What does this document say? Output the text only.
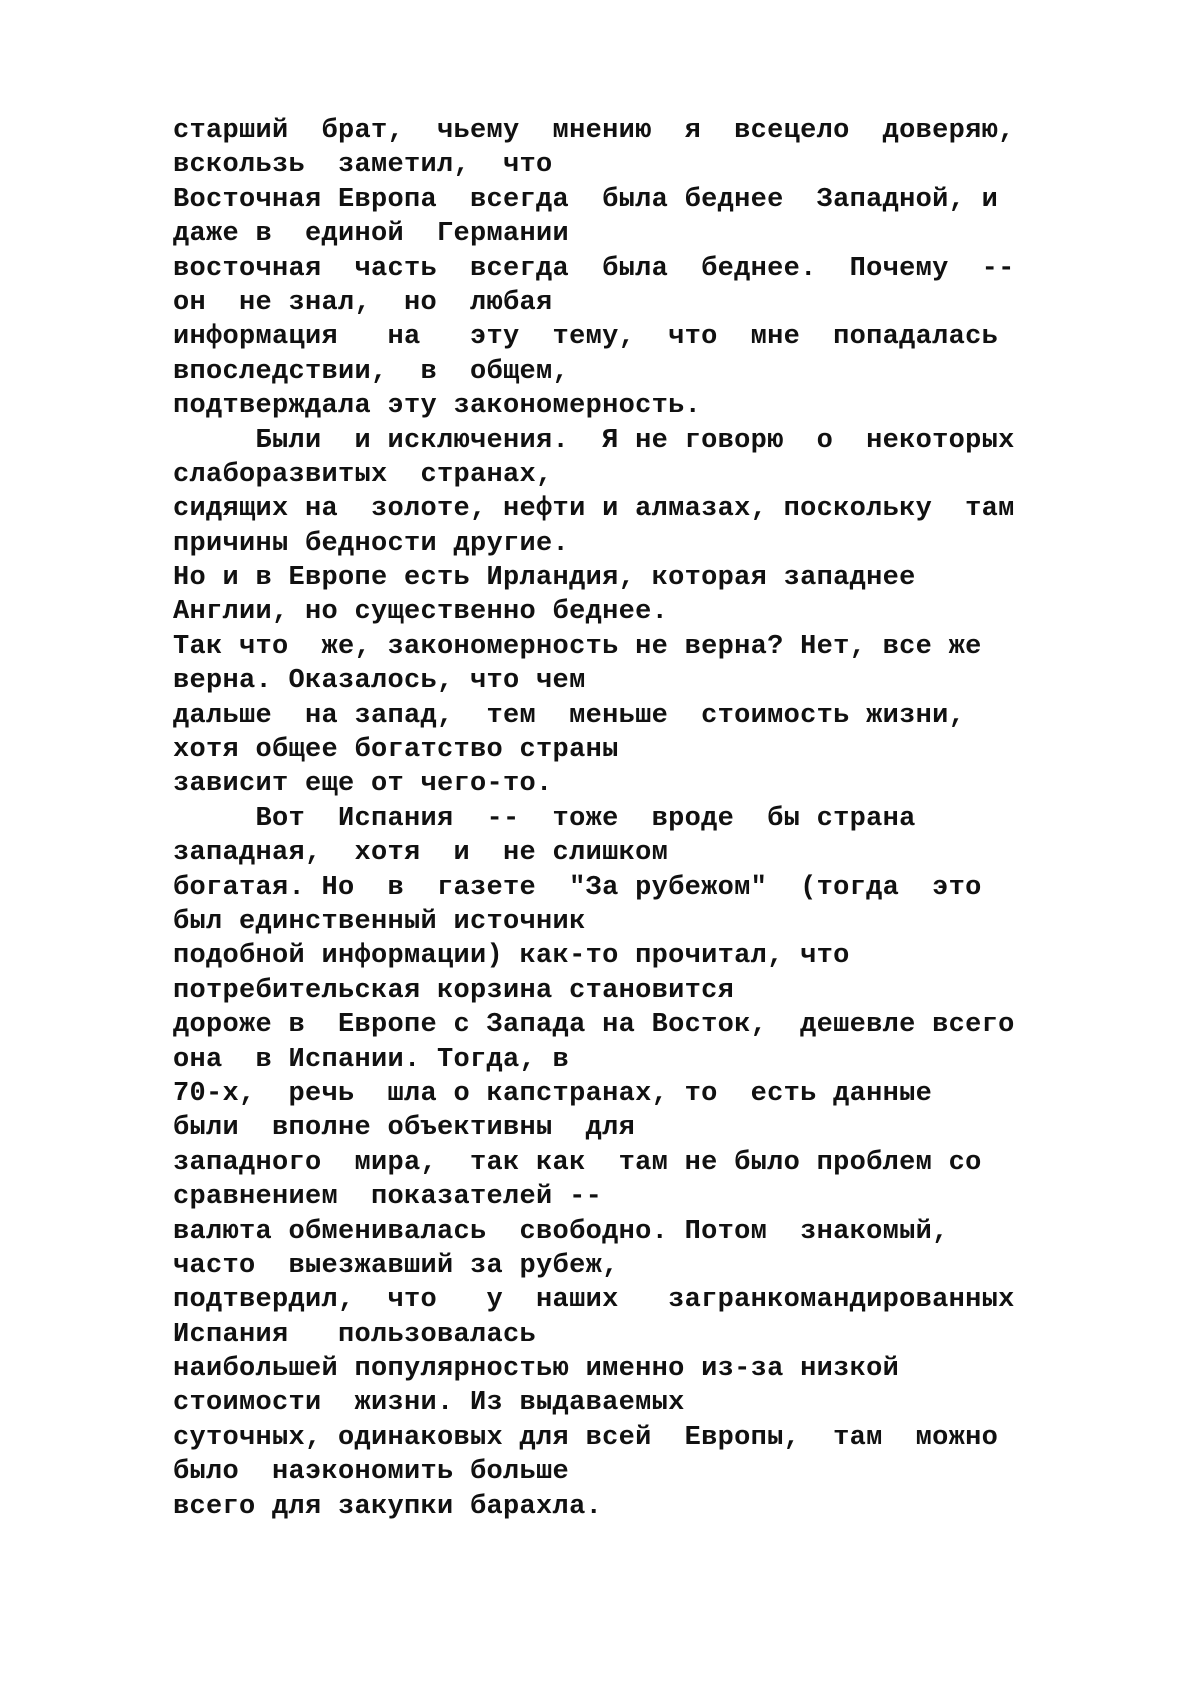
старший  брат,  чьему  мнению  я  всецело  доверяю,
вскользь  заметил,  что
Восточная Европа  всегда  была беднее  Западной, и
даже в  единой  Германии
восточная  часть  всегда  была  беднее.  Почему  --
он  не знал,  но  любая
информация   на   эту  тему,  что  мне  попадалась
впоследствии,  в  общем,
подтверждала эту закономерность.
Были  и исключения.  Я не говорю  о  некоторых
слаборазвитых  странах,
сидящих на  золоте, нефти и алмазах, поскольку  там
причины бедности другие.
Но и в Европе есть Ирландия, которая западнее
Англии, но существенно беднее.
Так что  же, закономерность не верна? Нет, все же
верна. Оказалось, что чем
дальше  на запад,  тем  меньше  стоимость жизни,
хотя общее богатство страны
зависит еще от чего-то.
Вот  Испания  --  тоже  вроде  бы страна
западная,  хотя  и  не слишком
богатая. Но  в  газете  "За рубежом"  (тогда  это
был единственный источник
подобной информации) как-то прочитал, что
потребительская корзина становится
дороже в  Европе с Запада на Восток,  дешевле всего
она  в Испании. Тогда, в
70-х,  речь  шла о капстранах, то  есть данные
были  вполне объективны  для
западного  мира,  так как  там не было проблем со
сравнением  показателей --
валюта обменивалась  свободно. Потом  знакомый,
часто  выезжавший за рубеж,
подтвердил,  что   у  наших   загранкомандированных
Испания   пользовалась
наибольшей популярностью именно из-за низкой
стоимости  жизни. Из выдаваемых
суточных, одинаковых для всей  Европы,  там  можно
было  наэкономить больше
всего для закупки барахла.
